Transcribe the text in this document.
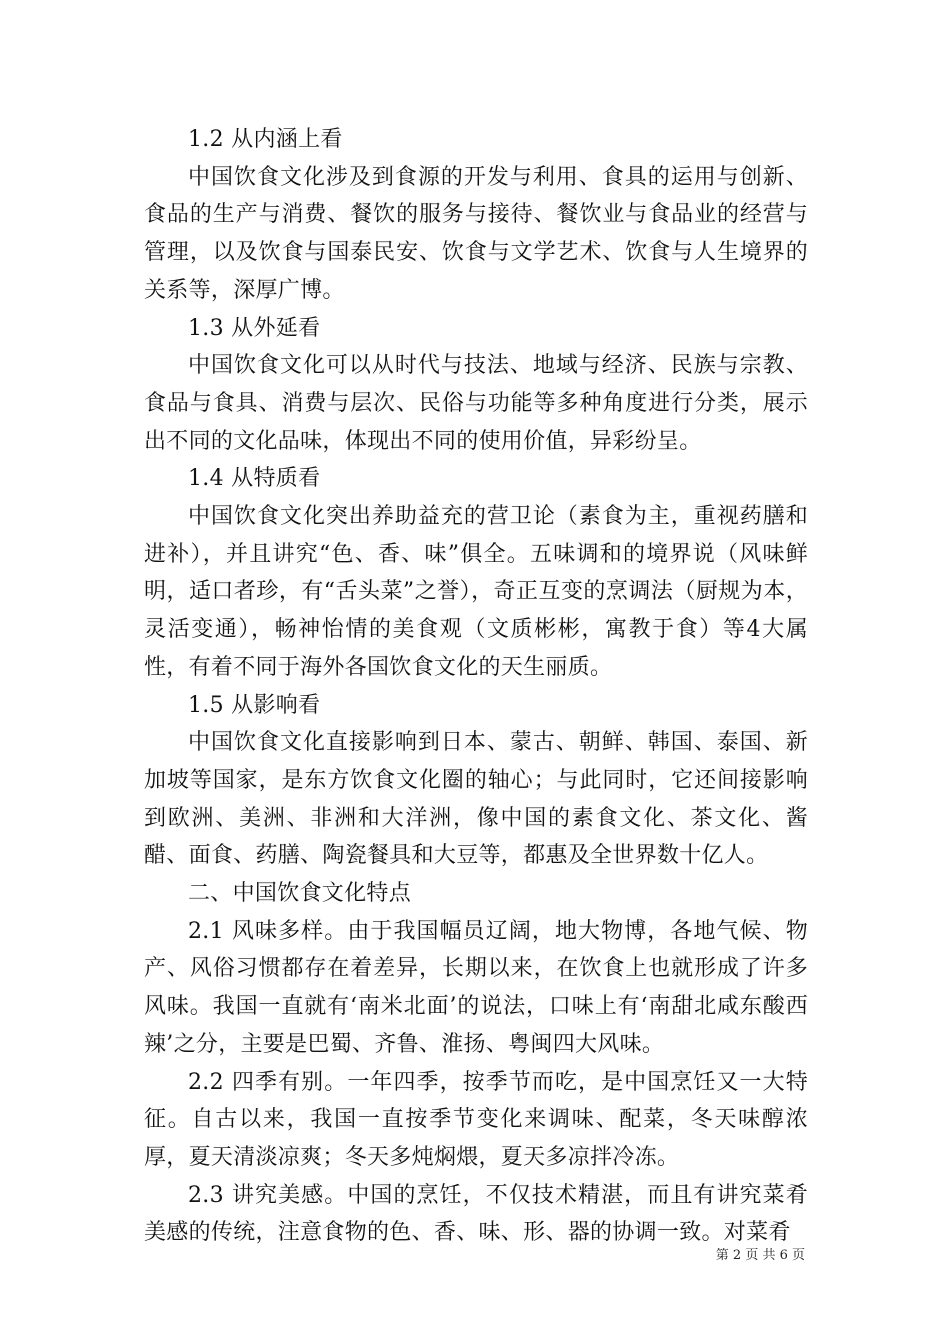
1.2 从内涵上看

中国饮食文化涉及到食源的开发与利用、食具的运用与创新、食品的生产与消费、餐饮的服务与接待、餐饮业与食品业的经营与管理，以及饮食与国泰民安、饮食与文学艺术、饮食与人生境界的关系等，深厚广博。

1.3 从外延看

中国饮食文化可以从时代与技法、地域与经济、民族与宗教、食品与食具、消费与层次、民俗与功能等多种角度进行分类，展示出不同的文化品味，体现出不同的使用价值，异彩纷呈。

1.4 从特质看

中国饮食文化突出养助益充的营卫论（素食为主，重视药膳和进补），并且讲究“色、香、味”俱全。五味调和的境界说（风味鲜明，适口者珍，有“舌头菜”之誉），奇正互变的烹调法（厨规为本，灵活变通），畅神怡情的美食观（文质彬彬，寓教于食）等4大属性，有着不同于海外各国饮食文化的天生丽质。

1.5 从影响看

中国饮食文化直接影响到日本、蒙古、朝鲜、韩国、泰国、新加坡等国家，是东方饮食文化圈的轴心；与此同时，它还间接影响到欧洲、美洲、非洲和大洋洲，像中国的素食文化、茶文化、酱醋、面食、药膳、陶瓷餐具和大豆等，都惠及全世界数十亿人。

二、中国饮食文化特点

2.1 风味多样。由于我国幅员辽阔，地大物博，各地气候、物产、风俗习惯都存在着差异，长期以来，在饮食上也就形成了许多风味。我国一直就有‘南米北面’的说法，口味上有‘南甜北咸东酸西辣’之分，主要是巴蜀、齐鲁、淮扬、粤闽四大风味。

2.2 四季有别。一年四季，按季节而吃，是中国烹饪又一大特征。自古以来，我国一直按季节变化来调味、配菜，冬天味醇浓厚，夏天清淡凉爽；冬天多炖焖煨，夏天多凉拌冷冻。

2.3 讲究美感。中国的烹饪，不仅技术精湛，而且有讲究菜肴美感的传统，注意食物的色、香、味、形、器的协调一致。对菜肴

第 2 页 共 6 页
